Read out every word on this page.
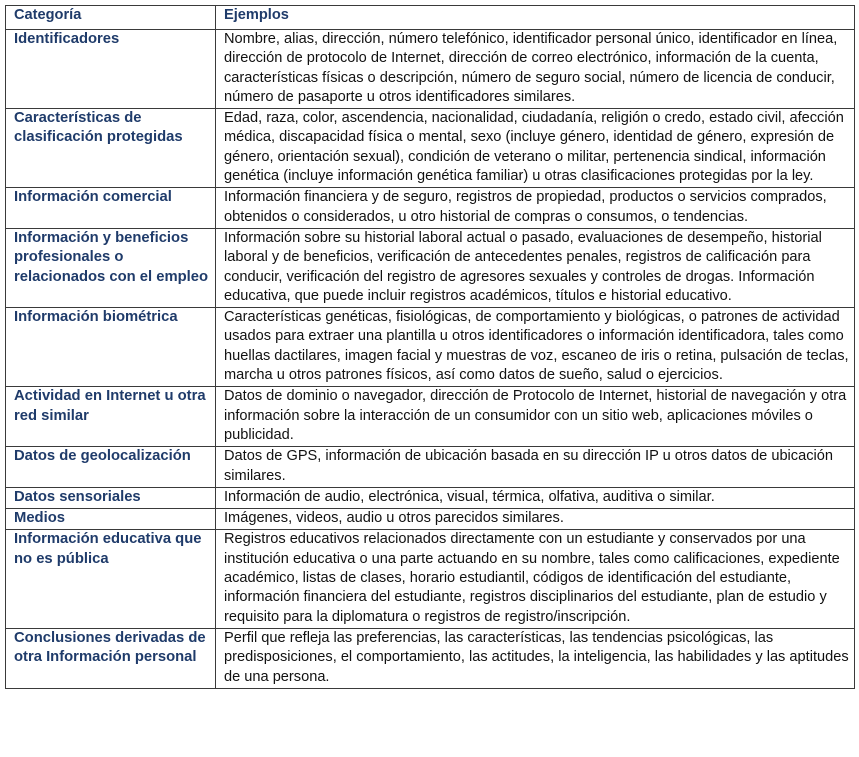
Categoría	Ejemplos
Identificadores	Nombre, alias, dirección, número telefónico, identificador personal único, identificador en línea, dirección de protocolo de Internet, dirección de correo electrónico, información de la cuenta, características físicas o descripción, número de seguro social, número de licencia de conducir, número de pasaporte u otros identificadores similares.
Características de clasificación protegidas	Edad, raza, color, ascendencia, nacionalidad, ciudadanía, religión o credo, estado civil, afección médica, discapacidad física o mental, sexo (incluye género, identidad de género, expresión de género, orientación sexual), condición de veterano o militar, pertenencia sindical, información genética (incluye información genética familiar) u otras clasificaciones protegidas por la ley.
Información comercial	Información financiera y de seguro, registros de propiedad, productos o servicios comprados, obtenidos o considerados, u otro historial de compras o consumos, o tendencias.
Información y beneficios profesionales o relacionados con el empleo	Información sobre su historial laboral actual o pasado, evaluaciones de desempeño, historial laboral y de beneficios, verificación de antecedentes penales, registros de calificación para conducir, verificación del registro de agresores sexuales y controles de drogas. Información educativa, que puede incluir registros académicos, títulos e historial educativo.
Información biométrica	Características genéticas, fisiológicas, de comportamiento y biológicas, o patrones de actividad usados para extraer una plantilla u otros identificadores o información identificadora, tales como huellas dactilares, imagen facial y muestras de voz, escaneo de iris o retina, pulsación de teclas, marcha u otros patrones físicos, así como datos de sueño, salud o ejercicios.
Actividad en Internet u otra red similar	Datos de dominio o navegador, dirección de Protocolo de Internet, historial de navegación y otra información sobre la interacción de un consumidor con un sitio web, aplicaciones móviles o publicidad.
Datos de geolocalización	Datos de GPS, información de ubicación basada en su dirección IP u otros datos de ubicación similares.
Datos sensoriales	Información de audio, electrónica, visual, térmica, olfativa, auditiva o similar.
Medios	Imágenes, videos, audio u otros parecidos similares.
Información educativa que no es pública	Registros educativos relacionados directamente con un estudiante y conservados por una institución educativa o una parte actuando en su nombre, tales como calificaciones, expediente académico, listas de clases, horario estudiantil, códigos de identificación del estudiante, información financiera del estudiante, registros disciplinarios del estudiante, plan de estudio y requisito para la diplomatura o registros de registro/inscripción.
Conclusiones derivadas de otra Información personal	Perfil que refleja las preferencias, las características, las tendencias psicológicas, las predisposiciones, el comportamiento, las actitudes, la inteligencia, las habilidades y las aptitudes de una persona.
